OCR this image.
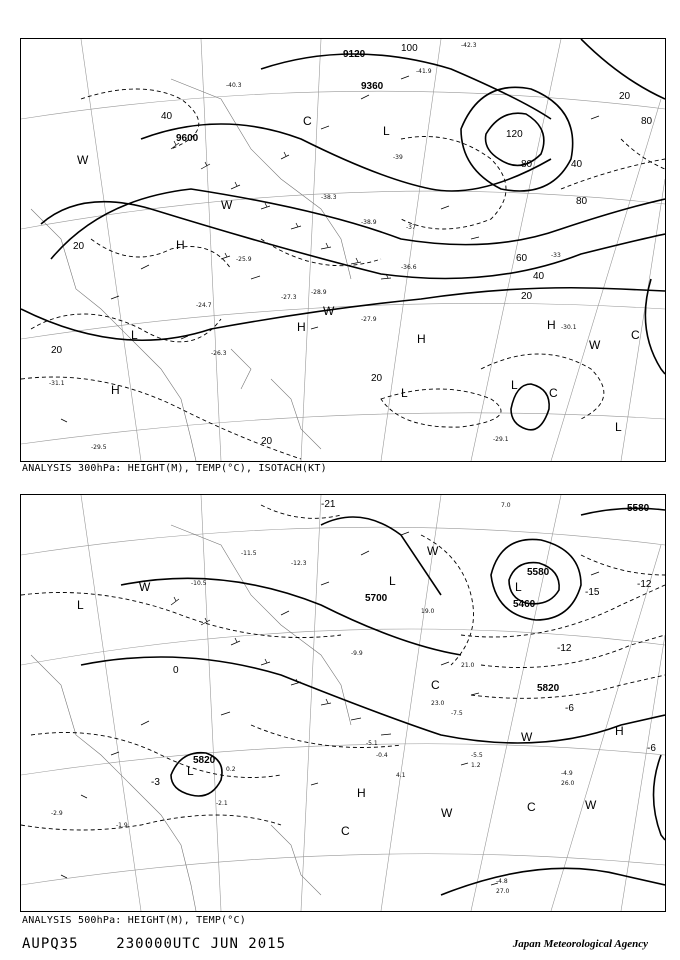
-40.3
-39
-38.9
-38.3
-37
-36.6
-33
-29.1
-29.5
-28.9
-27.9
-27.3
-26.3
-25.9
-24.7
-30.1
-31.1
-41.9
-42.3
9120
9360
9600
20
20
20
20
20
20
40
40
40
60
80
80
80
100
120
L
L
L
L
L
H
H
H
H
H
W
W
W
W
C
C
C
ANALYSIS 300hPa: HEIGHT(M), TEMP(°C), ISOTACH(KT)
-12.3
-11.5
-10.5
-9.9
-7.5
-5.5
-5.1
-4.9
-4.8
-2.9
-2.1
-1.9
-0.4
0.2
1.2
4.1
7.0
19.0
21.0
23.0
26.0
27.0
5460
5580
5580
5700
5820
5820
-21
-15
-12
-12
-6
-6
-3
0
L
L	L
L
H
H
W
W
W
W
W
C
C
C
ANALYSIS 500hPa: HEIGHT(M), TEMP(°C)
AUPQ35	230000UTC JUN 2015	Japan Meteorological Agency
